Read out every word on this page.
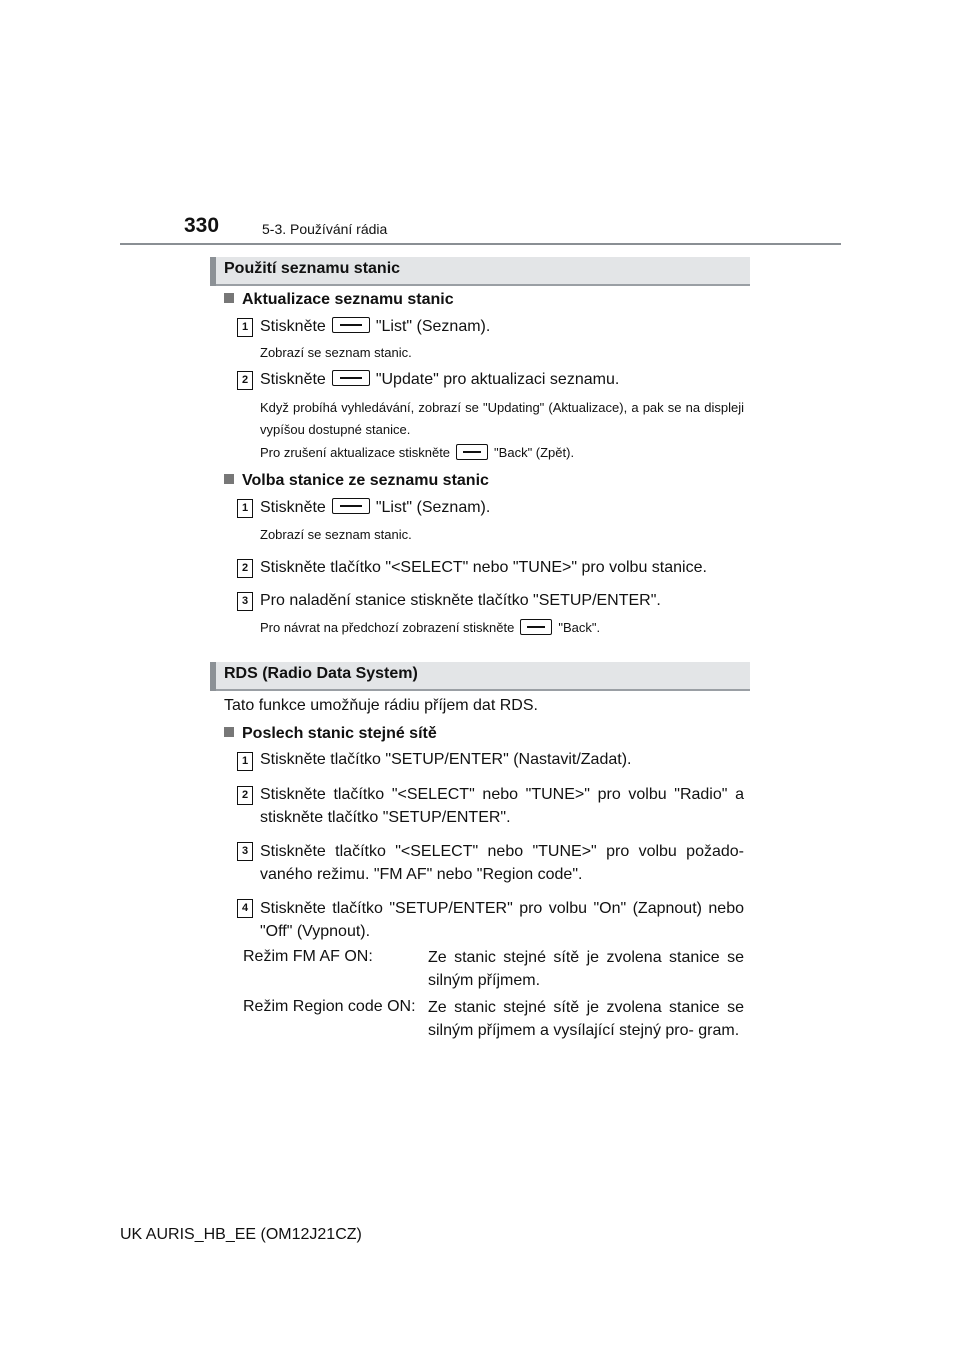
330	5-3. Používání rádia
Použití seznamu stanic
Aktualizace seznamu stanic
1 Stiskněte	"List" (Seznam).
Zobrazí se seznam stanic.
2 Stiskněte	"Update" pro aktualizaci seznamu.
Když probíhá vyhledávání, zobrazí se "Updating" (Aktualizace), a pak se na displeji vypíšou dostupné stanice.
Pro zrušení aktualizace stiskněte	"Back" (Zpět).
Volba stanice ze seznamu stanic
1 Stiskněte	"List" (Seznam).
Zobrazí se seznam stanic.
2 Stiskněte tlačítko "<SELECT" nebo "TUNE>" pro volbu stanice.
3 Pro naladění stanice stiskněte tlačítko "SETUP/ENTER".
Pro návrat na předchozí zobrazení stiskněte	"Back".
RDS (Radio Data System)
Tato funkce umožňuje rádiu příjem dat RDS.
Poslech stanic stejné sítě
1 Stiskněte tlačítko "SETUP/ENTER" (Nastavit/Zadat).
2 Stiskněte tlačítko "<SELECT" nebo "TUNE>" pro volbu "Radio" a stiskněte tlačítko "SETUP/ENTER".
3 Stiskněte tlačítko "<SELECT" nebo "TUNE>" pro volbu požado- vaného režimu. "FM AF" nebo "Region code".
4 Stiskněte tlačítko "SETUP/ENTER" pro volbu "On" (Zapnout) nebo "Off" (Vypnout).
Režim FM AF ON:	Ze stanic stejné sítě je zvolena stanice se silným příjmem.
Režim Region code ON: Ze stanic stejné sítě je zvolena stanice se silným příjmem a vysílající stejný pro- gram.
UK AURIS_HB_EE (OM12J21CZ)
